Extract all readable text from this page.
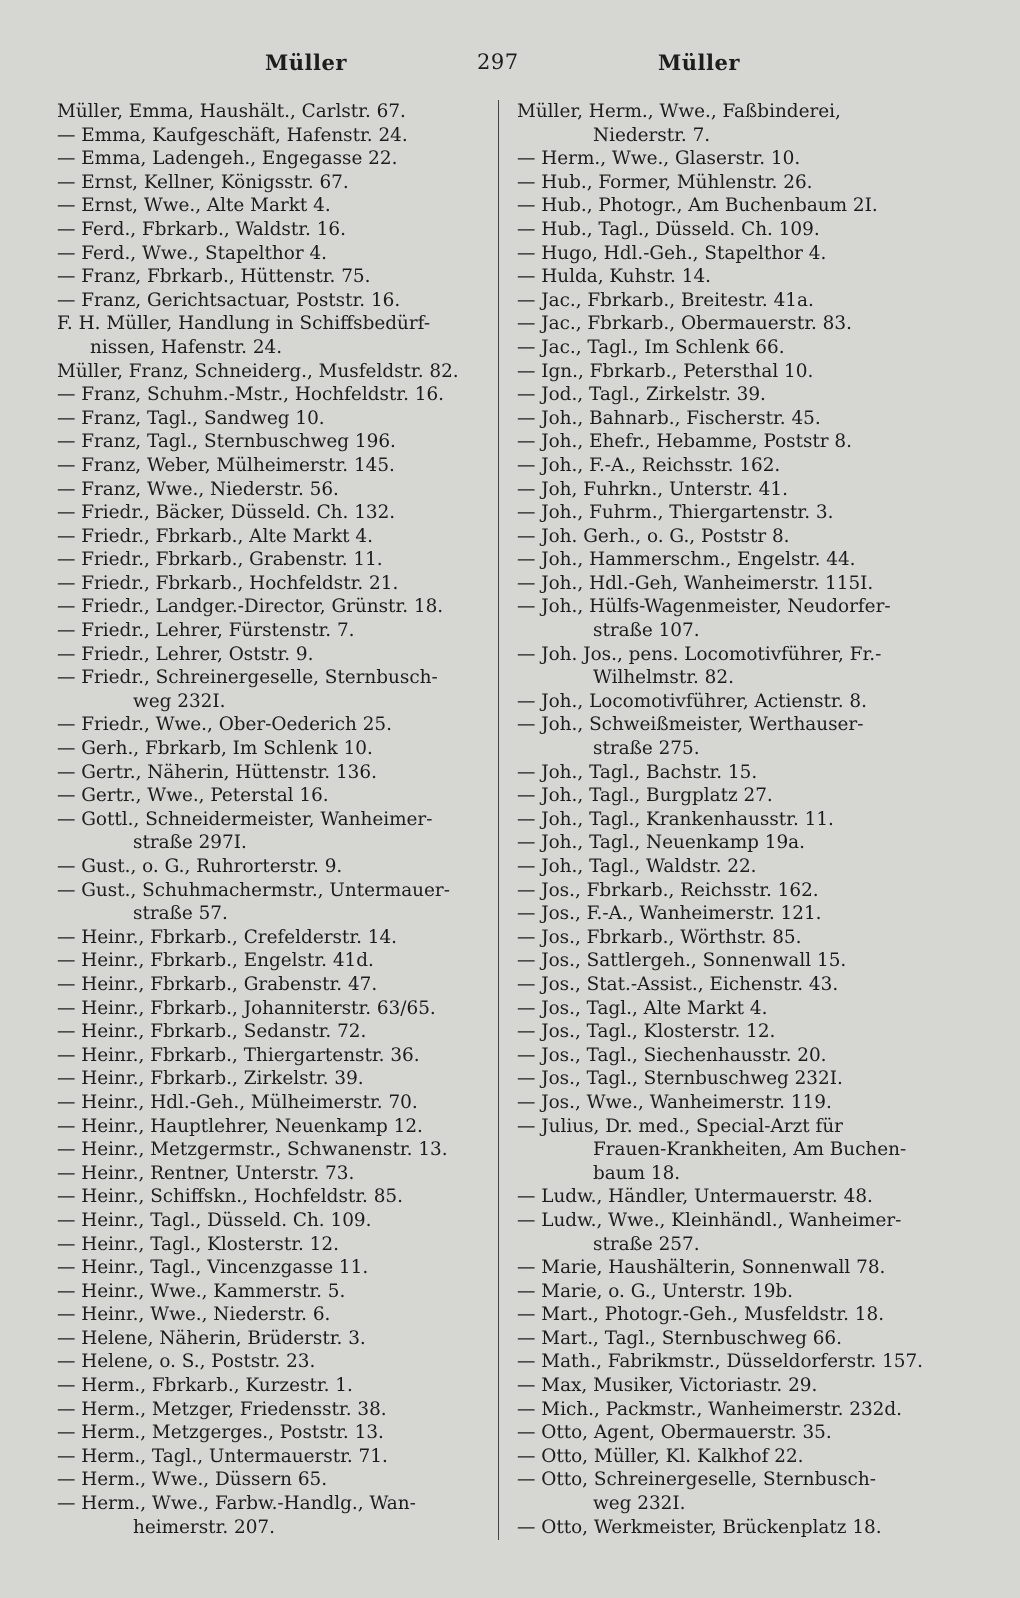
Müller	297	Müller
Müller, Emma, Haushält., Carlstr. 67.
— Emma, Kaufgeschäft, Hafenstr. 24.
— Emma, Ladengeh., Engegasse 22.
— Ernst, Kellner, Königsstr. 67.
— Ernst, Wwe., Alte Markt 4.
— Ferd., Fbrkarb., Waldstr. 16.
— Ferd., Wwe., Stapelthor 4.
— Franz, Fbrkarb., Hüttenstr. 75.
— Franz, Gerichtsactuar, Poststr. 16.
F. H. Müller, Handlung in Schiffsbedürf-
nissen, Hafenstr. 24.
Müller, Franz, Schneiderg., Musfeldstr. 82.
— Franz, Schuhm.-Mstr., Hochfeldstr. 16.
— Franz, Tagl., Sandweg 10.
— Franz, Tagl., Sternbuschweg 196.
— Franz, Weber, Mülheimerstr. 145.
— Franz, Wwe., Niederstr. 56.
— Friedr., Bäcker, Düsseld. Ch. 132.
— Friedr., Fbrkarb., Alte Markt 4.
— Friedr., Fbrkarb., Grabenstr. 11.
— Friedr., Fbrkarb., Hochfeldstr. 21.
— Friedr., Landger.-Director, Grünstr. 18.
— Friedr., Lehrer, Fürstenstr. 7.
— Friedr., Lehrer, Oststr. 9.
— Friedr., Schreinergeselle, Sternbusch-
weg 232I.
— Friedr., Wwe., Ober-Oederich 25.
— Gerh., Fbrkarb, Im Schlenk 10.
— Gertr., Näherin, Hüttenstr. 136.
— Gertr., Wwe., Peterstal 16.
— Gottl., Schneidermeister, Wanheimer-
straße 297I.
— Gust., o. G., Ruhrorterstr. 9.
— Gust., Schuhmachermstr., Untermauer-
straße 57.
— Heinr., Fbrkarb., Crefelderstr. 14.
— Heinr., Fbrkarb., Engelstr. 41d.
— Heinr., Fbrkarb., Grabenstr. 47.
— Heinr., Fbrkarb., Johanniterstr. 63/65.
— Heinr., Fbrkarb., Sedanstr. 72.
— Heinr., Fbrkarb., Thiergartenstr. 36.
— Heinr., Fbrkarb., Zirkelstr. 39.
— Heinr., Hdl.-Geh., Mülheimerstr. 70.
— Heinr., Hauptlehrer, Neuenkamp 12.
— Heinr., Metzgermstr., Schwanenstr. 13.
— Heinr., Rentner, Unterstr. 73.
— Heinr., Schiffskn., Hochfeldstr. 85.
— Heinr., Tagl., Düsseld. Ch. 109.
— Heinr., Tagl., Klosterstr. 12.
— Heinr., Tagl., Vincenzgasse 11.
— Heinr., Wwe., Kammerstr. 5.
— Heinr., Wwe., Niederstr. 6.
— Helene, Näherin, Brüderstr. 3.
— Helene, o. S., Poststr. 23.
— Herm., Fbrkarb., Kurzestr. 1.
— Herm., Metzger, Friedensstr. 38.
— Herm., Metzgerges., Poststr. 13.
— Herm., Tagl., Untermauerstr. 71.
— Herm., Wwe., Düssern 65.
— Herm., Wwe., Farbw.-Handlg., Wan-
heimerstr. 207.
Müller, Herm., Wwe., Faßbinderei,
Niederstr. 7.
— Herm., Wwe., Glaserstr. 10.
— Hub., Former, Mühlenstr. 26.
— Hub., Photogr., Am Buchenbaum 2I.
— Hub., Tagl., Düsseld. Ch. 109.
— Hugo, Hdl.-Geh., Stapelthor 4.
— Hulda, Kuhstr. 14.
— Jac., Fbrkarb., Breitestr. 41a.
— Jac., Fbrkarb., Obermauerstr. 83.
— Jac., Tagl., Im Schlenk 66.
— Ign., Fbrkarb., Petersthal 10.
— Jod., Tagl., Zirkelstr. 39.
— Joh., Bahnarb., Fischerstr. 45.
— Joh., Ehefr., Hebamme, Poststr 8.
— Joh., F.-A., Reichsstr. 162.
— Joh, Fuhrkn., Unterstr. 41.
— Joh., Fuhrm., Thiergartenstr. 3.
— Joh. Gerh., o. G., Poststr 8.
— Joh., Hammerschm., Engelstr. 44.
— Joh., Hdl.-Geh, Wanheimerstr. 115I.
— Joh., Hülfs-Wagenmeister, Neudorfer-
straße 107.
— Joh. Jos., pens. Locomotivführer, Fr.-
Wilhelmstr. 82.
— Joh., Locomotivführer, Actienstr. 8.
— Joh., Schweißmeister, Werthauser-
straße 275.
— Joh., Tagl., Bachstr. 15.
— Joh., Tagl., Burgplatz 27.
— Joh., Tagl., Krankenhausstr. 11.
— Joh., Tagl., Neuenkamp 19a.
— Joh., Tagl., Waldstr. 22.
— Jos., Fbrkarb., Reichsstr. 162.
— Jos., F.-A., Wanheimerstr. 121.
— Jos., Fbrkarb., Wörthstr. 85.
— Jos., Sattlergeh., Sonnenwall 15.
— Jos., Stat.-Assist., Eichenstr. 43.
— Jos., Tagl., Alte Markt 4.
— Jos., Tagl., Klosterstr. 12.
— Jos., Tagl., Siechenhausstr. 20.
— Jos., Tagl., Sternbuschweg 232I.
— Jos., Wwe., Wanheimerstr. 119.
— Julius, Dr. med., Special-Arzt für
Frauen-Krankheiten, Am Buchen-
baum 18.
— Ludw., Händler, Untermauerstr. 48.
— Ludw., Wwe., Kleinhändl., Wanheimer-
straße 257.
— Marie, Haushälterin, Sonnenwall 78.
— Marie, o. G., Unterstr. 19b.
— Mart., Photogr.-Geh., Musfeldstr. 18.
— Mart., Tagl., Sternbuschweg 66.
— Math., Fabrikmstr., Düsseldorferstr. 157.
— Max, Musiker, Victoriastr. 29.
— Mich., Packmstr., Wanheimerstr. 232d.
— Otto, Agent, Obermauerstr. 35.
— Otto, Müller, Kl. Kalkhof 22.
— Otto, Schreinergeselle, Sternbusch-
weg 232I.
— Otto, Werkmeister, Brückenplatz 18.
